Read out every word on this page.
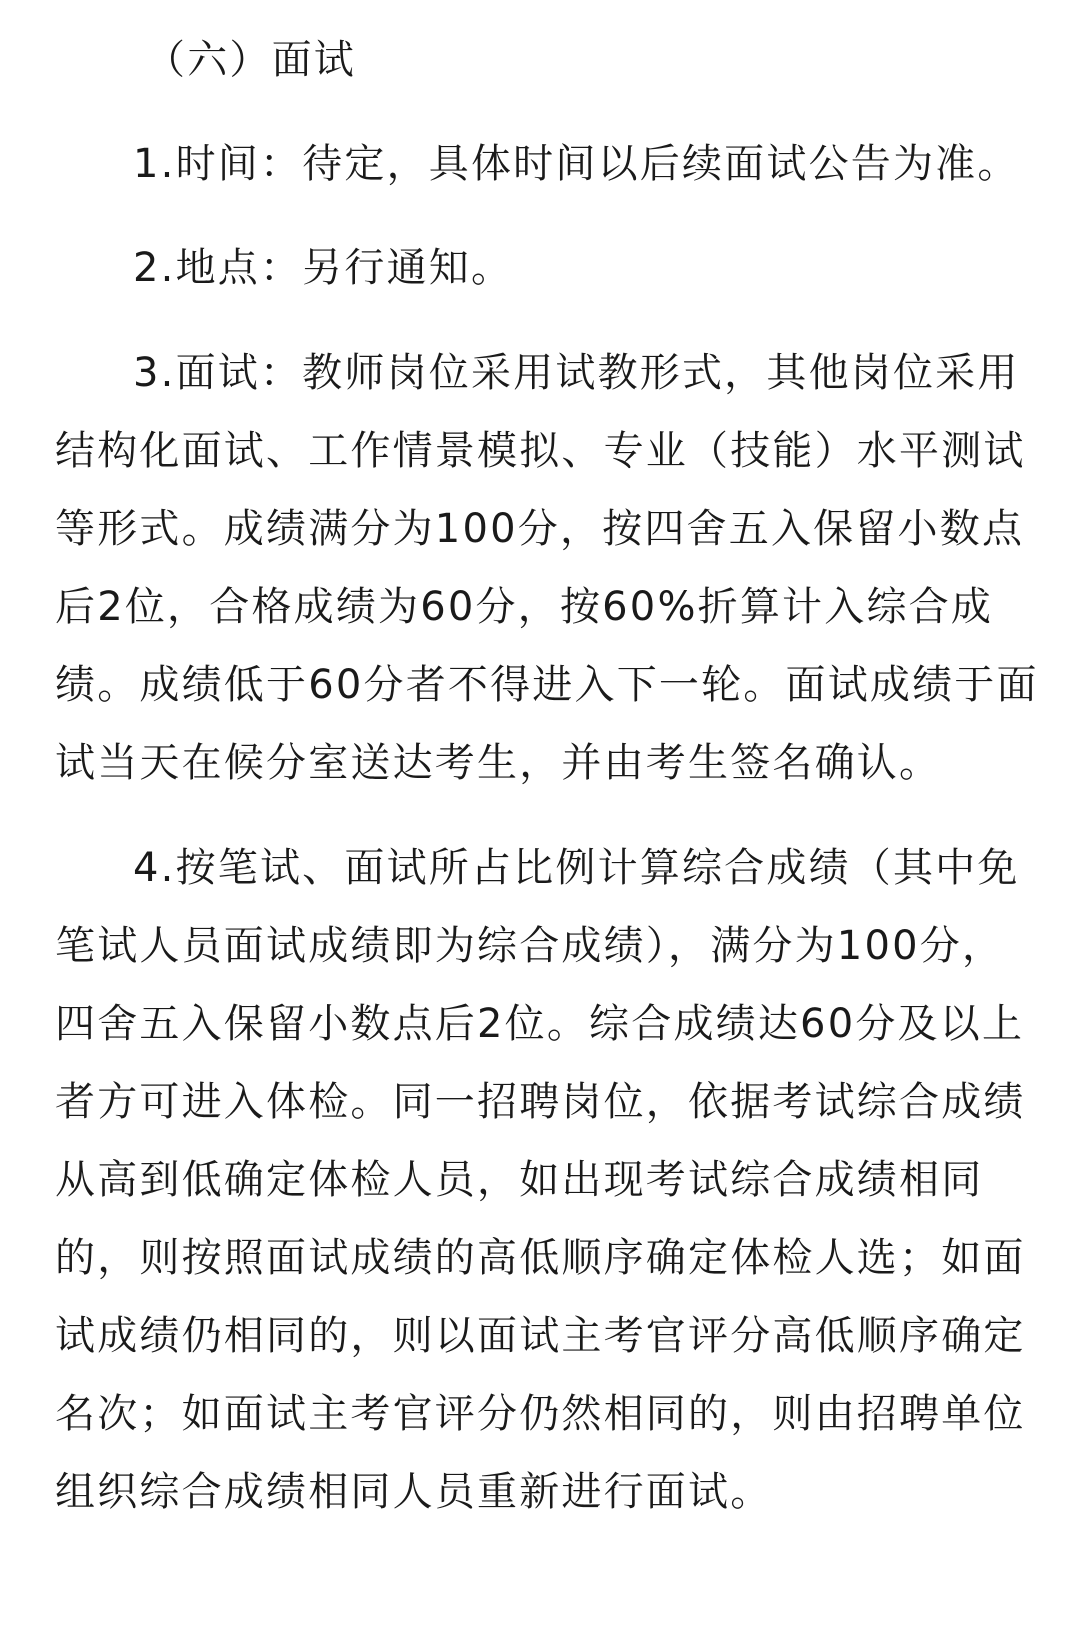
（六）面试
1.时间：待定，具体时间以后续面试公告为准。
2.地点：另行通知。
3.面试：教师岗位采用试教形式，其他岗位采用
结构化面试、工作情景模拟、专业（技能）水平测试
等形式。成绩满分为100分，按四舍五入保留小数点
后2位，合格成绩为60分，按60%折算计入综合成
绩。成绩低于60分者不得进入下一轮。面试成绩于面
试当天在候分室送达考生，并由考生签名确认。
4.按笔试、面试所占比例计算综合成绩（其中免
笔试人员面试成绩即为综合成绩），满分为100分，
四舍五入保留小数点后2位。综合成绩达60分及以上
者方可进入体检。同一招聘岗位，依据考试综合成绩
从高到低确定体检人员，如出现考试综合成绩相同
的，则按照面试成绩的高低顺序确定体检人选；如面
试成绩仍相同的，则以面试主考官评分高低顺序确定
名次；如面试主考官评分仍然相同的，则由招聘单位
组织综合成绩相同人员重新进行面试。
